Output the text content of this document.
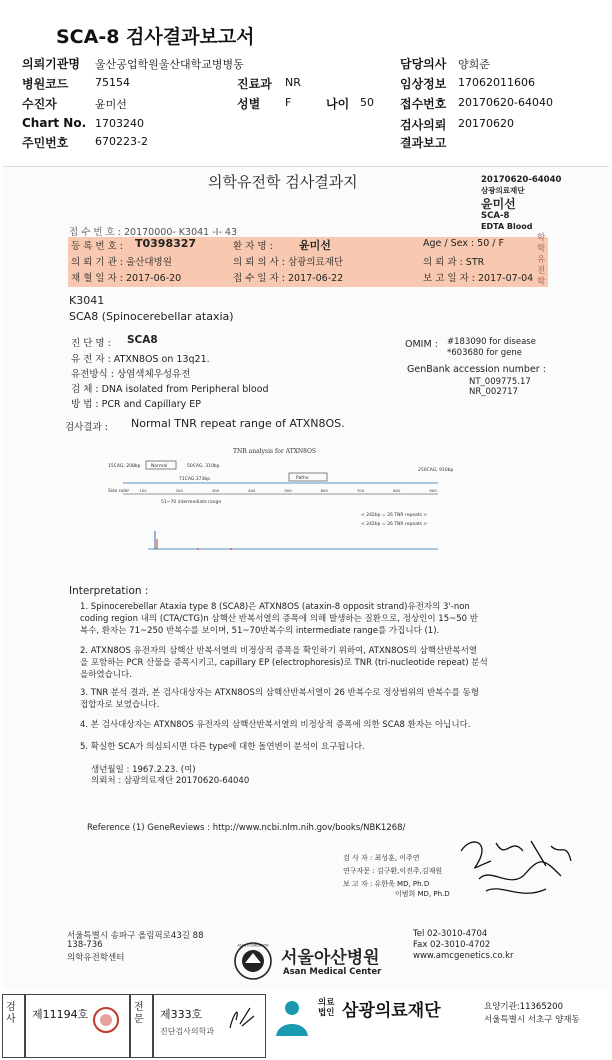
SCA-8 검사결과보고서
의뢰기관명 울산공업학원울산대학교병병동
병원코드 75154	진료과 NR
수진자	윤미선	성별 F	나이 50
Chart No. 1703240
주민번호 670223-2
담당의사 양희준
임상정보 17062011606
접수번호 20170620-64040
검사의뢰 20170620
결과보고
의학유전학 검사결과지	20170620-64040
삼광의료재단
윤미선
SCA-8
EDTA Blood
접 수 번 호 : 20170000- K3041 -I- 43
등 록 번 호 : T0398327	환 자 명 : 윤미선	Age / Sex : 50 / F
의 뢰 기 관 : 울산대병원	의 뢰 의 사 : 삼광의료재단	의 뢰 과 : STR
채 혈 일 자 : 2017-06-20	접 수 일 자 : 2017-06-22	보 고 일 자 : 2017-07-04
학
학유전학
K3041
SCA8 (Spinocerebellar ataxia)
진 단 명 : SCA8
유 전 자 : ATXN8OS on 13q21.
유전방식 : 상염색체우성유전
검 체 : DNA isolated from Peripheral blood
방 법 : PCR and Capillary EP
OMIM : #183090 for disease
*603680 for gene
GenBank accession number :
NT_009775.17
NR_002717
검사결과 : Normal TNR repeat range of ATXN8OS.
TNR analysis for ATXN8OS
15CAG, 208bp Normal	50CAG, 310bp
71CAG,373bp	Patho
250CAG, 910bp
Size ruler	100	200	300	400	500	600	700	800	900
51~70 intermediate range
< 242bp = 26 TNR repeats >
< 242bp = 26 TNR repeats >
Interpretation :
1. Spinocerebellar Ataxia type 8 (SCA8)은 ATXN8OS (ataxin-8 opposit strand)유전자의 3'-non
coding region 내의 (CTA/CTG)n 삼핵산 반복서열의 증폭에 의해 발생하는 질환으로, 정상인이 15~50 반
복수, 환자는 71~250 반복수를 보이며, 51~70반복수의 intermediate range를 가집니다 (1).
2. ATXN8OS 유전자의 삼핵산 반복서열의 비정상적 증폭을 확인하기 위하여, ATXN8OS의 삼핵산반복서열
을 포함하는 PCR 산물을 증폭시키고, capillary EP (electrophoresis)로 TNR (tri-nucleotide repeat) 분석
을하였습니다.
3. TNR 분석 결과, 본 검사대상자는 ATXN8OS의 삼핵산반복서열이 26 반복수로 정상범위의 반복수를 동형
접합자로 보였습니다.
4. 본 검사대상자는 ATXN8OS 유전자의 삼핵산반복서열의 비정상적 증폭에 의한 SCA8 환자는 아닙니다.
5. 확실한 SCA가 의심되시면 다른 type에 대한 돌연변이 분석이 요구됩니다.
생년월일 : 1967.2.23. (여)
의뢰처 : 삼광의료재단 20170620-64040
Reference (1) GeneReviews : http://www.ncbi.nlm.nih.gov/books/NBK1268/
검 사 자 : 최성훈, 이주연
연구자문 : 김구환,이진주,김재원
보 고 자 : 유한욱 MD, Ph.D
이범희 MD, Ph.D
서울특별시 송파구 올림픽로43길 88
138-736
의학유전학센터
ASAN FOUNDATION
서울아산병원
Asan Medical Center
Tel 02-3010-4704
Fax 02-3010-4702
www.amcgenetics.co.kr
검사	제11194호
전문	제333호
진단검사의학과
의료법인 삼광의료재단	요양기관:11365200
서울특별시 서초구 양재동
